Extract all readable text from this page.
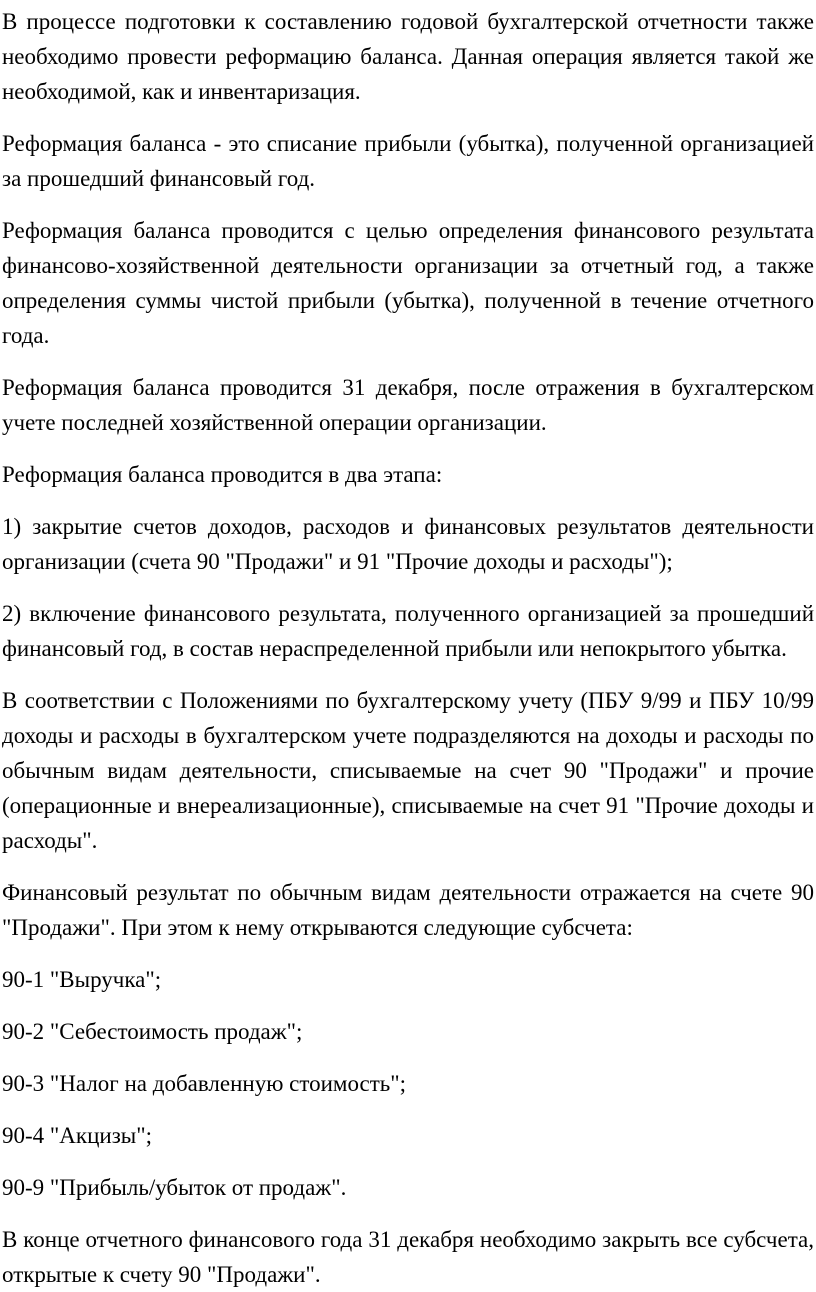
В процессе подготовки к составлению годовой бухгалтерской отчетности также необходимо провести реформацию баланса. Данная операция является такой же необходимой, как и инвентаризация.

Реформация баланса - это списание прибыли (убытка), полученной организацией за прошедший финансовый год.

Реформация баланса проводится с целью определения финансового результата финансово-хозяйственной деятельности организации за отчетный год, а также определения суммы чистой прибыли (убытка), полученной в течение отчетного года.

Реформация баланса проводится 31 декабря, после отражения в бухгалтерском учете последней хозяйственной операции организации.

Реформация баланса проводится в два этапа:

1) закрытие счетов доходов, расходов и финансовых результатов деятельности организации (счета 90 "Продажи" и 91 "Прочие доходы и расходы");

2) включение финансового результата, полученного организацией за прошедший финансовый год, в состав нераспределенной прибыли или непокрытого убытка.

В соответствии с Положениями по бухгалтерскому учету (ПБУ 9/99 и ПБУ 10/99 доходы и расходы в бухгалтерском учете подразделяются на доходы и расходы по обычным видам деятельности, списываемые на счет 90 "Продажи" и прочие (операционные и внереализационные), списываемые на счет 91 "Прочие доходы и расходы".

Финансовый результат по обычным видам деятельности отражается на счете 90 "Продажи". При этом к нему открываются следующие субсчета:

90-1 "Выручка";

90-2 "Себестоимость продаж";

90-3 "Налог на добавленную стоимость";

90-4 "Акцизы";

90-9 "Прибыль/убыток от продаж".

В конце отчетного финансового года 31 декабря необходимо закрыть все субсчета, открытые к счету 90 "Продажи".
